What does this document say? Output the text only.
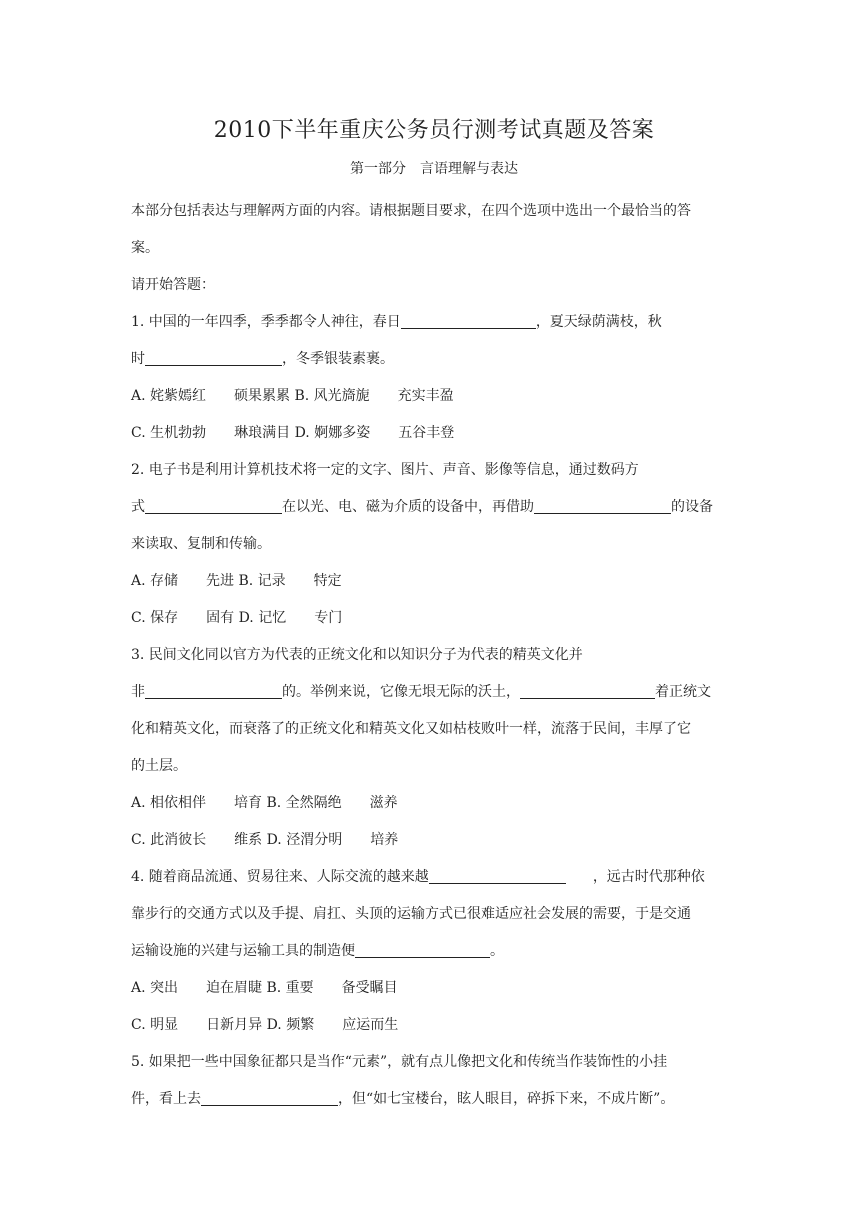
2010下半年重庆公务员行测考试真题及答案
第一部分　言语理解与表达

本部分包括表达与理解两方面的内容。请根据题目要求，在四个选项中选出一个最恰当的答

案。

请开始答题：

1. 中国的一年四季，季季都令人神往，春日	，夏天绿荫满枝，秋

时	，冬季银装素裹。

A. 姹紫嫣红　　硕果累累 B. 风光旖旎　　充实丰盈

C. 生机勃勃　　琳琅满目 D. 婀娜多姿　　五谷丰登

2. 电子书是利用计算机技术将一定的文字、图片、声音、影像等信息，通过数码方

式	在以光、电、磁为介质的设备中，再借助	的设备

来读取、复制和传输。

A. 存储　　先进 B. 记录　　特定

C. 保存　　固有 D. 记忆　　专门

3. 民间文化同以官方为代表的正统文化和以知识分子为代表的精英文化并

非	的。举例来说，它像无垠无际的沃土，	着正统文

化和精英文化，而衰落了的正统文化和精英文化又如枯枝败叶一样，流落于民间，丰厚了它

的土层。

A. 相依相伴　　培育 B. 全然隔绝　　滋养

C. 此消彼长　　维系 D. 泾渭分明　　培养

4. 随着商品流通、贸易往来、人际交流的越来越	，远古时代那种依

靠步行的交通方式以及手提、肩扛、头顶的运输方式已很难适应社会发展的需要，于是交通

运输设施的兴建与运输工具的制造便	。

A. 突出　　迫在眉睫 B. 重要　　备受瞩目

C. 明显　　日新月异 D. 频繁　　应运而生

5. 如果把一些中国象征都只是当作“元素”，就有点儿像把文化和传统当作装饰性的小挂

件，看上去	，但“如七宝楼台，眩人眼目，碎拆下来，不成片断”。
